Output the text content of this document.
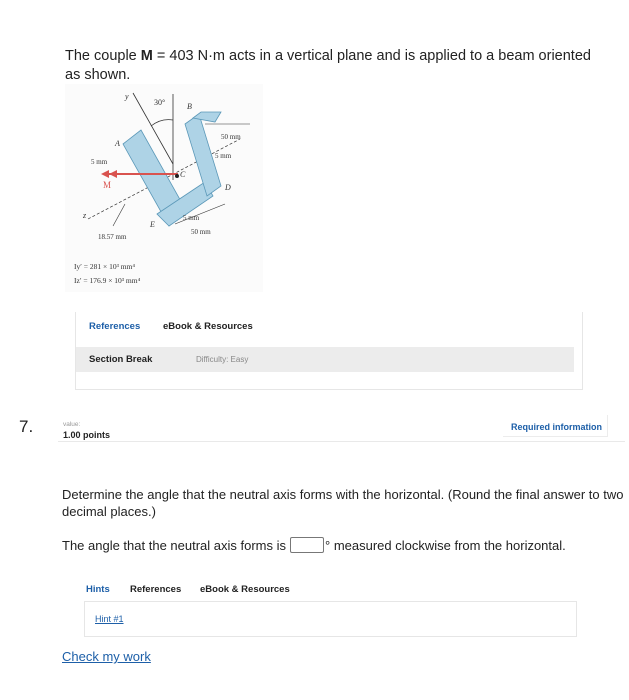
The couple M = 403 N·m acts in a vertical plane and is applied to a beam oriented as shown.
y
30°	B
50 mm
A
5 mm
5 mm
C
M	D
z
E
5 mm
50 mm
18.57 mm
Iy′ = 281 × 10³ mm⁴
Iz′ = 176.9 × 10³ mm⁴
References eBook & Resources
Section Break	Difficulty: Easy
7.	value:
1.00 points
Required information
Determine the angle that the neutral axis forms with the horizontal. (Round the final answer to two decimal places.)
The angle that the neutral axis forms is	° measured clockwise from the horizontal.
Hints References eBook & Resources
Hint #1
Check my work
